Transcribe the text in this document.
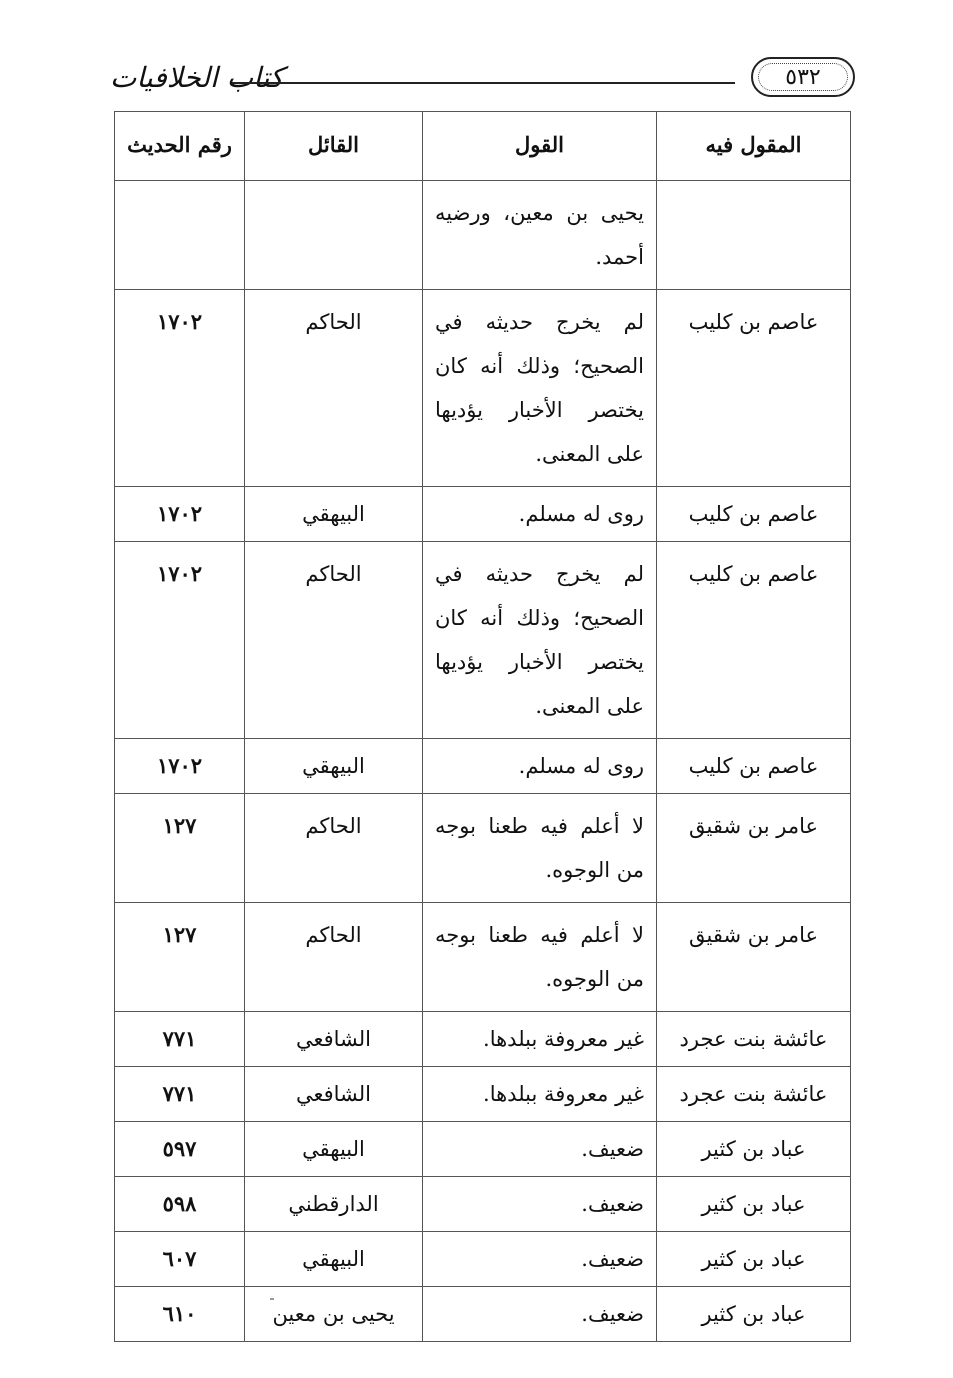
كتاب الخلافيات	٥٣٢
المقول فيه	القول	القائل	رقم الحديث
	يحيى بن معين، ورضيه أحمد.		
عاصم بن كليب	لم يخرج حديثه في الصحيح؛ وذلك أنه كان يختصر الأخبار يؤديها على المعنى.	الحاكم	١٧٠٢
عاصم بن كليب	روى له مسلم.	البيهقي	١٧٠٢
عاصم بن كليب	لم يخرج حديثه في الصحيح؛ وذلك أنه كان يختصر الأخبار يؤديها على المعنى.	الحاكم	١٧٠٢
عاصم بن كليب	روى له مسلم.	البيهقي	١٧٠٢
عامر بن شقيق	لا أعلم فيه طعنا بوجه من الوجوه.	الحاكم	١٢٧
عامر بن شقيق	لا أعلم فيه طعنا بوجه من الوجوه.	الحاكم	١٢٧
عائشة بنت عجرد	غير معروفة ببلدها.	الشافعي	٧٧١
عائشة بنت عجرد	غير معروفة ببلدها.	الشافعي	٧٧١
عباد بن كثير	ضعيف.	البيهقي	٥٩٧
عباد بن كثير	ضعيف.	الدارقطني	٥٩٨
عباد بن كثير	ضعيف.	البيهقي	٦٠٧
عباد بن كثير	ضعيف.	يحيى بن معين	٦١٠
